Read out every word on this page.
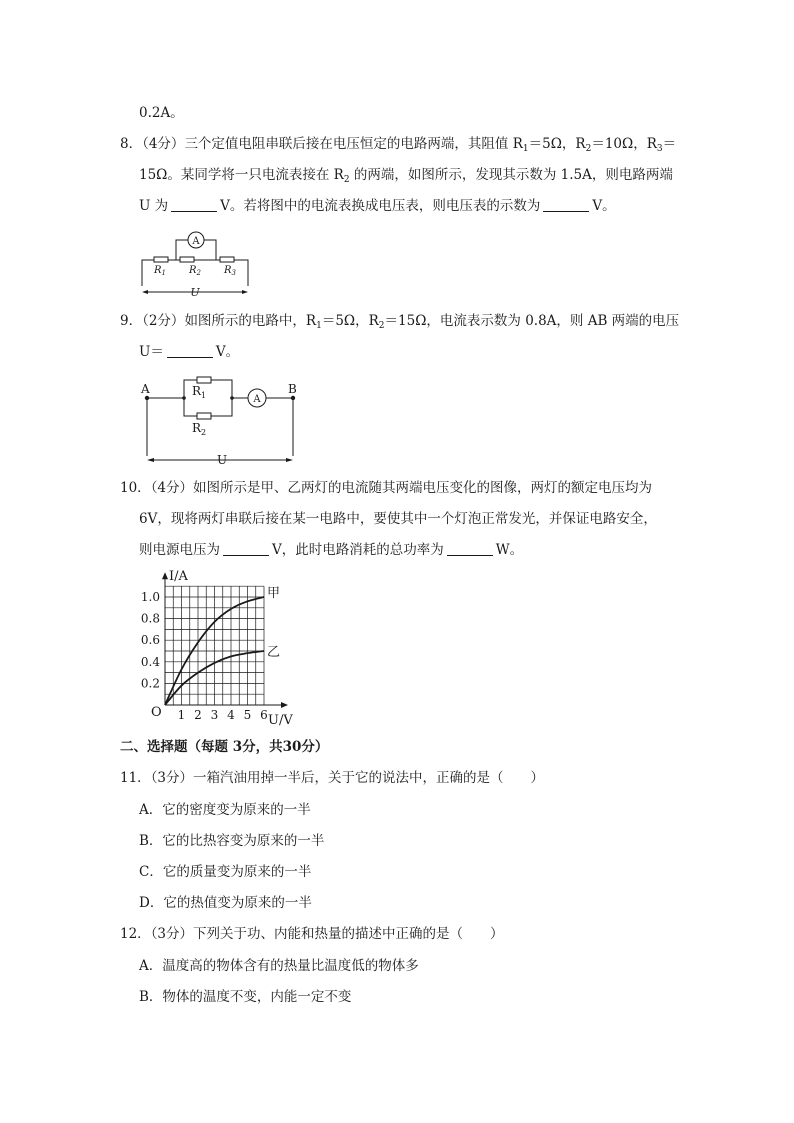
0.2A。
8．（4分）三个定值电阻串联后接在电压恒定的电路两端，其阻值 $R_1=5\Omega$，$R_2=10\Omega$，$R_3=$
15Ω。某同学将一只电流表接在 $R_2$ 的两端，如图所示，发现其示数为 1.5A，则电路两端
U 为	V。若将图中的电流表换成电压表，则电压表的示数为	V。
A
$R_1$ $R_2$ $R_3$
U
9．（2分）如图所示的电路中，$R_1=5\Omega$，$R_2=15\Omega$，电流表示数为 0.8A，则 AB 两端的电压
U＝	V。
A	B
A
$R_1$
$R_2$
U
10．（4分）如图所示是甲、乙两灯的电流随其两端电压变化的图像，两灯的额定电压均为
6V，现将两灯串联后接在某一电路中，要使其中一个灯泡正常发光，并保证电路安全，
则电源电压为	V，此时电路消耗的总功率为	W。
1 2 3 4 5 6
0.2
0.4
0.6
0.8
1.0
O
I/A
U/V
甲
乙
二、选择题（每题 3分，共30分）
11．（3分）一箱汽油用掉一半后，关于它的说法中，正确的是（　　）
A．它的密度变为原来的一半
B．它的比热容变为原来的一半
C．它的质量变为原来的一半
D．它的热值变为原来的一半
12．（3分）下列关于功、内能和热量的描述中正确的是（　　）
A．温度高的物体含有的热量比温度低的物体多
B．物体的温度不变，内能一定不变
